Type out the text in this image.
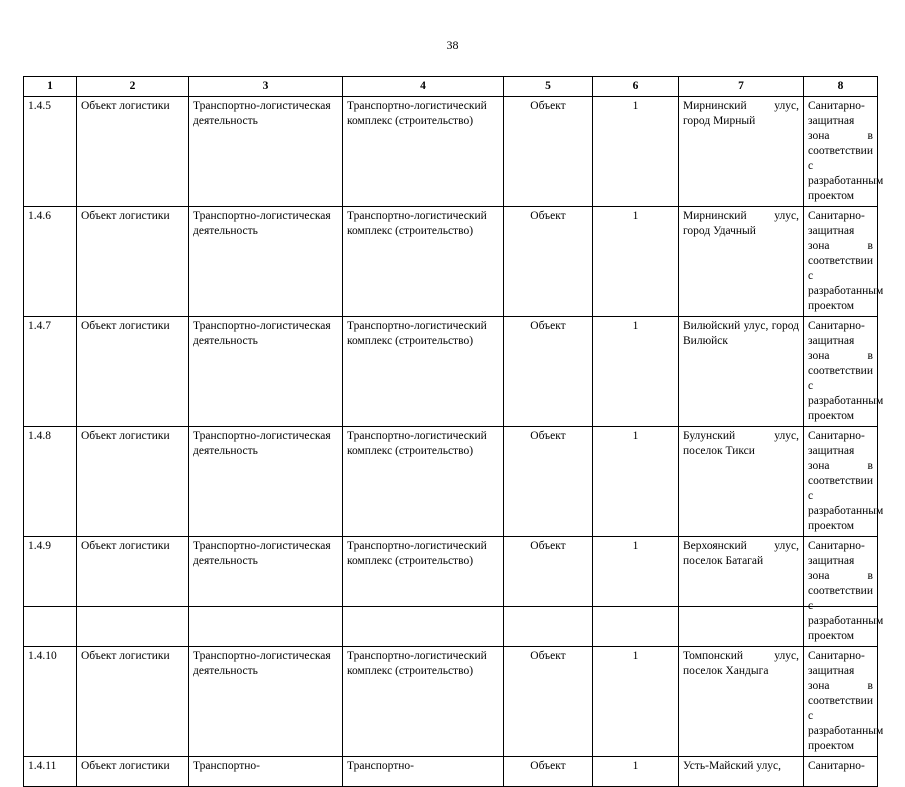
38
1	2	3	4	5	6	7	8
1.4.5	Объект логистики	Транспортно-логистическая деятельность	Транспортно-логистический комплекс (строительство)	Объект	1	Мирнинский улус, город Мирный	Санитарно-защитная зона в соответствии с разработанным проектом
1.4.6	Объект логистики	Транспортно-логистическая деятельность	Транспортно-логистический комплекс (строительство)	Объект	1	Мирнинский улус, город Удачный	Санитарно-защитная зона в соответствии с разработанным проектом
1.4.7	Объект логистики	Транспортно-логистическая деятельность	Транспортно-логистический комплекс (строительство)	Объект	1	Вилюйский улус, город Вилюйск	Санитарно-защитная зона в соответствии с разработанным проектом
1.4.8	Объект логистики	Транспортно-логистическая деятельность	Транспортно-логистический комплекс (строительство)	Объект	1	Булунский улус, поселок Тикси	Санитарно-защитная зона в соответствии с разработанным проектом
1.4.9	Объект логистики	Транспортно-логистическая деятельность	Транспортно-логистический комплекс (строительство)	Объект	1	Верхоянский улус, поселок Батагай	Санитарно-защитная зона в соответствии с разработанным проектом
1.4.10	Объект логистики	Транспортно-логистическая деятельность	Транспортно-логистический комплекс (строительство)	Объект	1	Томпонский улус, поселок Хандыга	Санитарно-защитная зона в соответствии с разработанным проектом
1.4.11	Объект логистики	Транспортно-	Транспортно-	Объект	1	Усть-Майский улус,	Санитарно-
